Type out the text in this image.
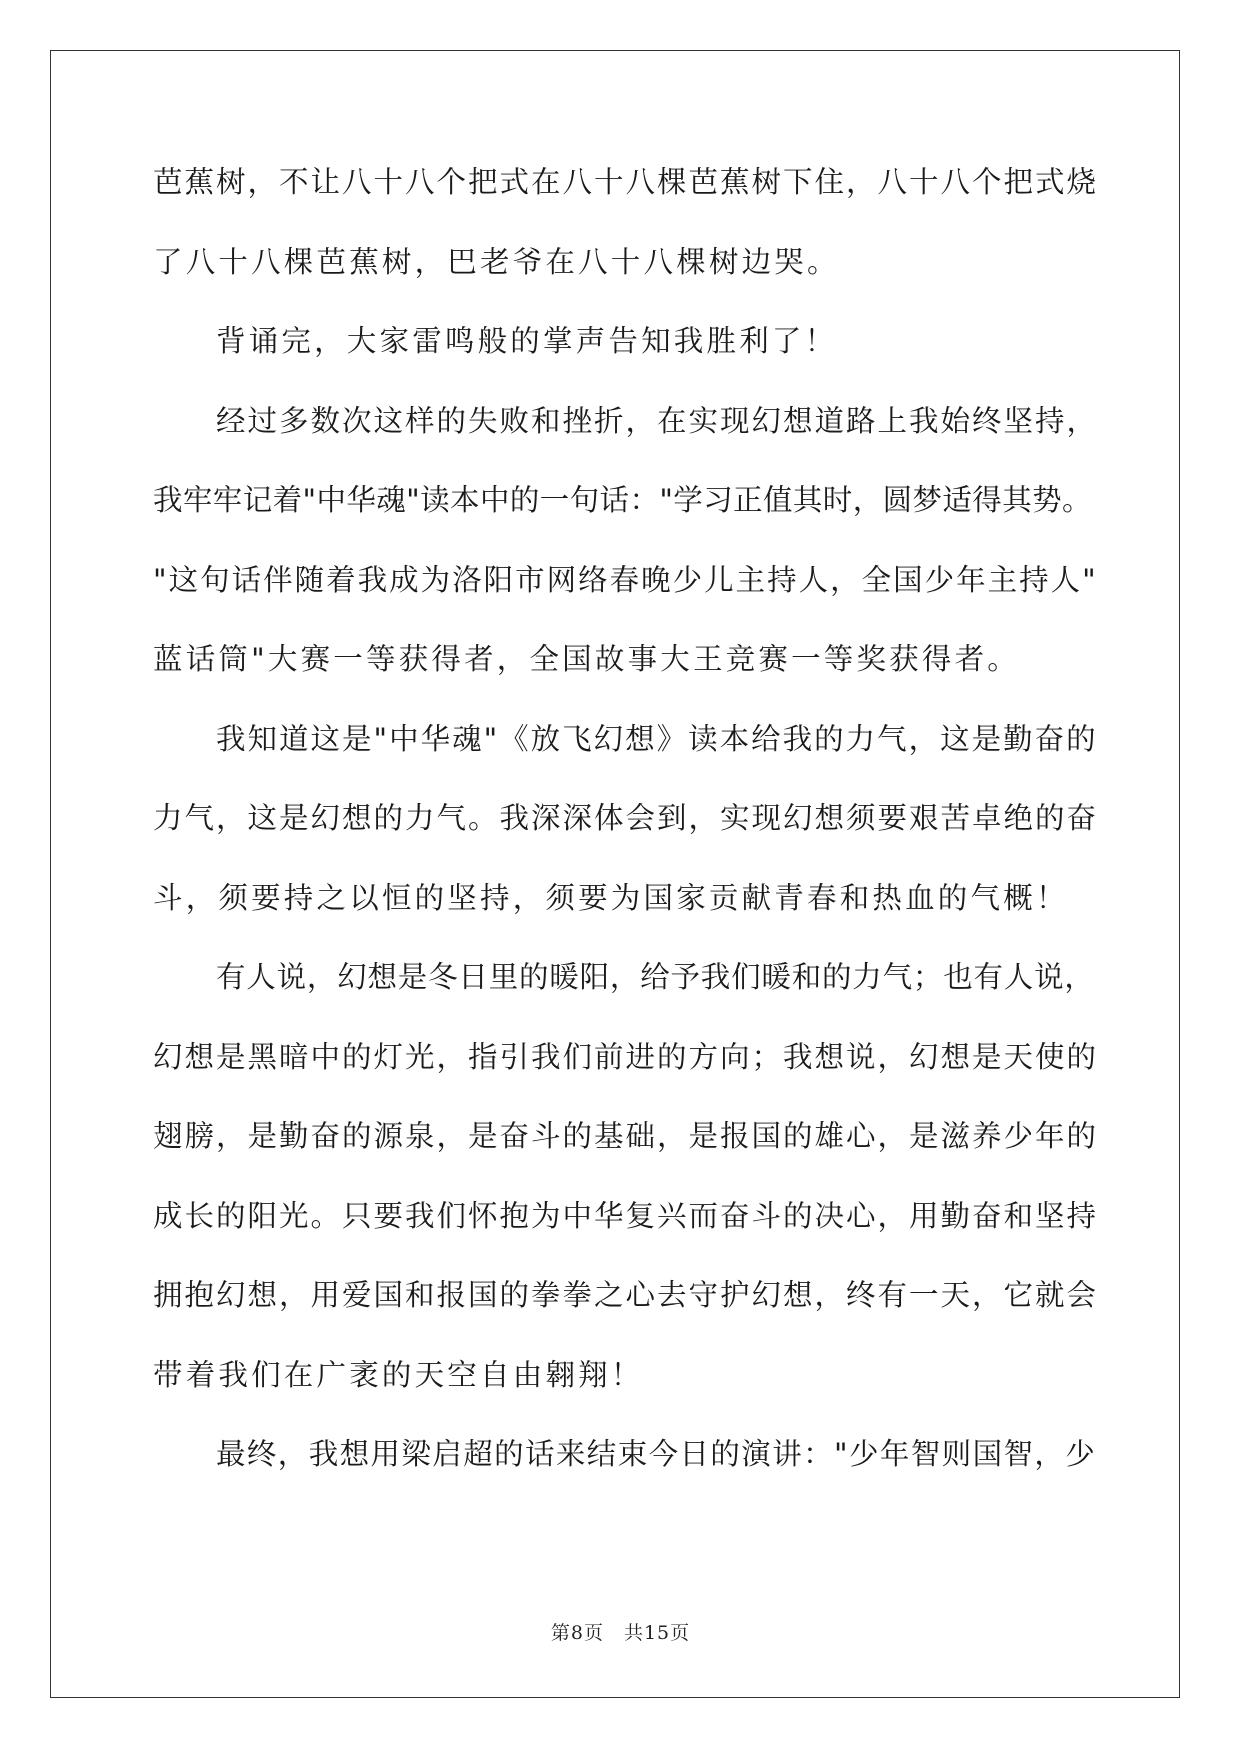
芭蕉树，不让八十八个把式在八十八棵芭蕉树下住，八十八个把式烧
了八十八棵芭蕉树，巴老爷在八十八棵树边哭。
背诵完，大家雷鸣般的掌声告知我胜利了！
经过多数次这样的失败和挫折，在实现幻想道路上我始终坚持，
我牢牢记着"中华魂"读本中的一句话："学习正值其时，圆梦适得其势。
"这句话伴随着我成为洛阳市网络春晚少儿主持人，全国少年主持人"
蓝话筒"大赛一等获得者，全国故事大王竞赛一等奖获得者。
我知道这是"中华魂"《放飞幻想》读本给我的力气，这是勤奋的
力气，这是幻想的力气。我深深体会到，实现幻想须要艰苦卓绝的奋
斗，须要持之以恒的坚持，须要为国家贡献青春和热血的气概！
有人说，幻想是冬日里的暖阳，给予我们暖和的力气；也有人说，
幻想是黑暗中的灯光，指引我们前进的方向；我想说，幻想是天使的
翅膀，是勤奋的源泉，是奋斗的基础，是报国的雄心，是滋养少年的
成长的阳光。只要我们怀抱为中华复兴而奋斗的决心，用勤奋和坚持
拥抱幻想，用爱国和报国的拳拳之心去守护幻想，终有一天，它就会
带着我们在广袤的天空自由翱翔！
最终，我想用梁启超的话来结束今日的演讲："少年智则国智，少
第8页　共15页
